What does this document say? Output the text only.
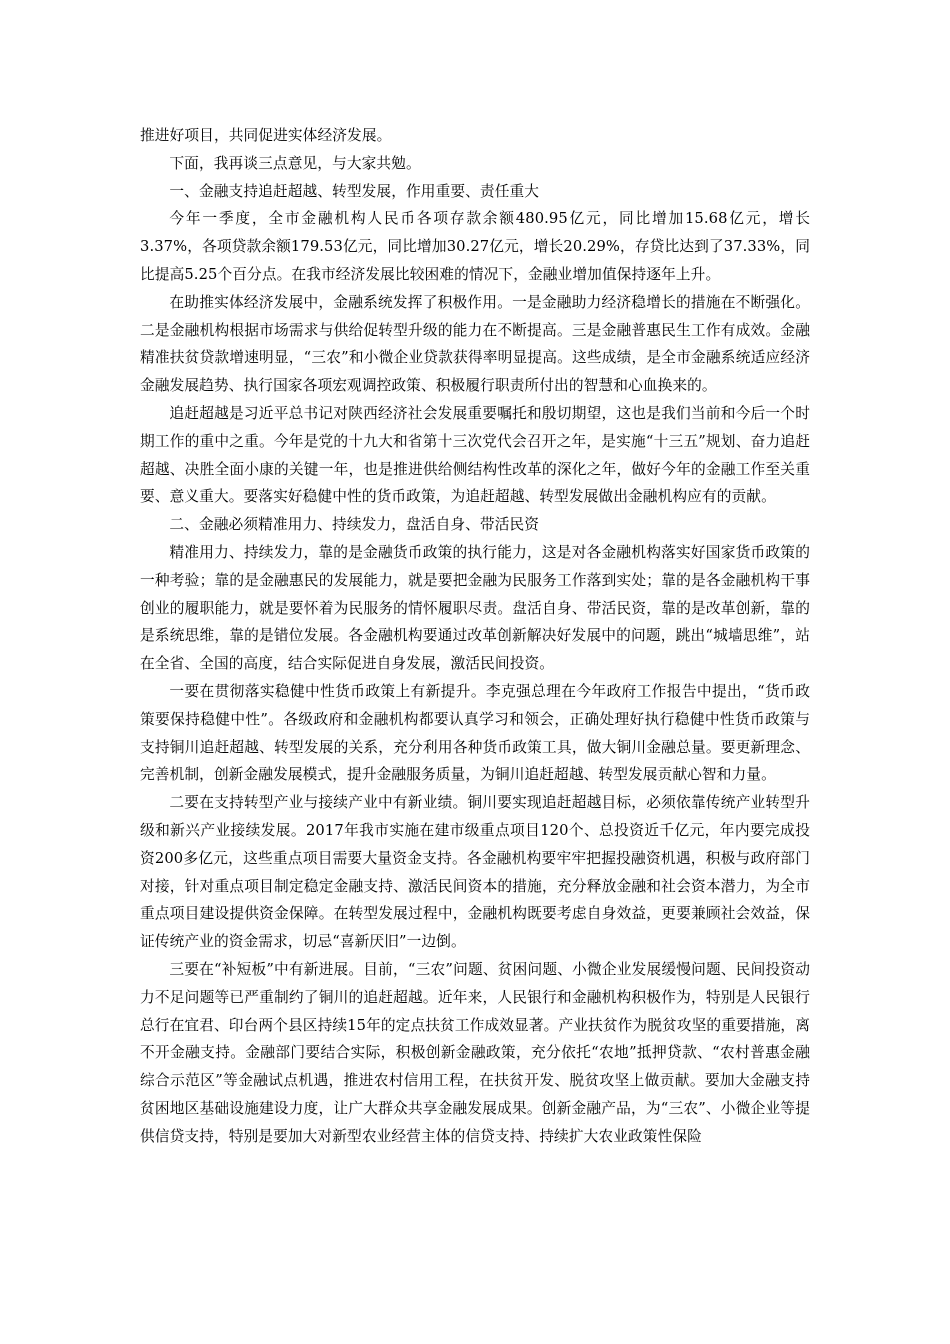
推进好项目，共同促进实体经济发展。

下面，我再谈三点意见，与大家共勉。

一、金融支持追赶超越、转型发展，作用重要、责任重大

今年一季度，全市金融机构人民币各项存款余额480.95亿元，同比增加15.68亿元，增长3.37%，各项贷款余额179.53亿元，同比增加30.27亿元，增长20.29%，存贷比达到了37.33%，同比提高5.25个百分点。在我市经济发展比较困难的情况下，金融业增加值保持逐年上升。

在助推实体经济发展中，金融系统发挥了积极作用。一是金融助力经济稳增长的措施在不断强化。二是金融机构根据市场需求与供给促转型升级的能力在不断提高。三是金融普惠民生工作有成效。金融精准扶贫贷款增速明显，“三农”和小微企业贷款获得率明显提高。这些成绩，是全市金融系统适应经济金融发展趋势、执行国家各项宏观调控政策、积极履行职责所付出的智慧和心血换来的。

追赶超越是习近平总书记对陕西经济社会发展重要嘱托和殷切期望，这也是我们当前和今后一个时期工作的重中之重。今年是党的十九大和省第十三次党代会召开之年，是实施“十三五”规划、奋力追赶超越、决胜全面小康的关键一年，也是推进供给侧结构性改革的深化之年，做好今年的金融工作至关重要、意义重大。要落实好稳健中性的货币政策，为追赶超越、转型发展做出金融机构应有的贡献。

二、金融必须精准用力、持续发力，盘活自身、带活民资

精准用力、持续发力，靠的是金融货币政策的执行能力，这是对各金融机构落实好国家货币政策的一种考验；靠的是金融惠民的发展能力，就是要把金融为民服务工作落到实处；靠的是各金融机构干事创业的履职能力，就是要怀着为民服务的情怀履职尽责。盘活自身、带活民资，靠的是改革创新，靠的是系统思维，靠的是错位发展。各金融机构要通过改革创新解决好发展中的问题，跳出“城墙思维”，站在全省、全国的高度，结合实际促进自身发展，激活民间投资。

一要在贯彻落实稳健中性货币政策上有新提升。李克强总理在今年政府工作报告中提出，“货币政策要保持稳健中性”。各级政府和金融机构都要认真学习和领会，正确处理好执行稳健中性货币政策与支持铜川追赶超越、转型发展的关系，充分利用各种货币政策工具，做大铜川金融总量。要更新理念、完善机制，创新金融发展模式，提升金融服务质量，为铜川追赶超越、转型发展贡献心智和力量。

二要在支持转型产业与接续产业中有新业绩。铜川要实现追赶超越目标，必须依靠传统产业转型升级和新兴产业接续发展。2017年我市实施在建市级重点项目120个、总投资近千亿元，年内要完成投资200多亿元，这些重点项目需要大量资金支持。各金融机构要牢牢把握投融资机遇，积极与政府部门对接，针对重点项目制定稳定金融支持、激活民间资本的措施，充分释放金融和社会资本潜力，为全市重点项目建设提供资金保障。在转型发展过程中，金融机构既要考虑自身效益，更要兼顾社会效益，保证传统产业的资金需求，切忌“喜新厌旧”一边倒。

三要在“补短板”中有新进展。目前，“三农”问题、贫困问题、小微企业发展缓慢问题、民间投资动力不足问题等已严重制约了铜川的追赶超越。近年来，人民银行和金融机构积极作为，特别是人民银行总行在宜君、印台两个县区持续15年的定点扶贫工作成效显著。产业扶贫作为脱贫攻坚的重要措施，离不开金融支持。金融部门要结合实际，积极创新金融政策，充分依托“农地”抵押贷款、“农村普惠金融综合示范区”等金融试点机遇，推进农村信用工程，在扶贫开发、脱贫攻坚上做贡献。要加大金融支持贫困地区基础设施建设力度，让广大群众共享金融发展成果。创新金融产品，为“三农”、小微企业等提供信贷支持，特别是要加大对新型农业经营主体的信贷支持、持续扩大农业政策性保险
